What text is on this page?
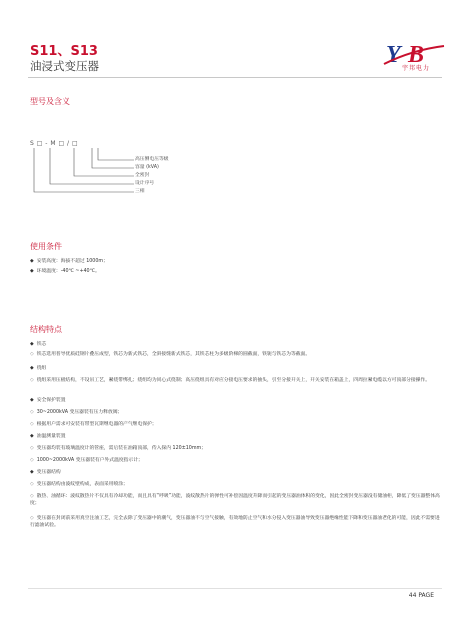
S11、S13
油浸式变压器	Y B
宇邦电力
型号及含义
S □ - M □ / □
高压侧电压等级
容量 (kVA)
全密封
设计序号
三相
使用条件
◆ 安装高度：海拔不超过 1000m；
◆ 环境温度：-40℃ ~+40℃。
结构特点
◆ 铁芯
◇ 铁芯选用普导优质硅钢片叠压成型，铁芯为新式铁芯，全斜接缝新式铁芯，其铁芯柱为多级阶梯的圆截面，铁轭与铁芯为等截面。
◆ 绕组
◇ 绕组采用压板结构，不设吊工艺，紧绕带绑扎；绕组均为同心式绕制；高压绕组具有对应分接电压要求的抽头，引至分接开关上，开关安装在箱盖上，四周拉紧电缆以方可顶部分接操作。
◆ 安全保护装置
◇ 30~2000kVA 变压器装有压力释放阀；
◇ 根据用户需求可安装有带型瓦斯继电器的产气继电保护；
◆ 油温测量装置
◇ 变压器均装有玻璃温度计的管座，需后装在油箱顶部，侍入探内 120±10mm；
◇ 1000~2000kVA 变压器装有户外式温度指示计；
◆ 变压器结构
◇ 变压器结构由波纹壁构成，表面采用喷涂；
◇ 散热、油循环：波纹散热片不仅具有冷却功能，而且具有“呼吸”功能，波纹散热片的弹性可补偿因温度升降而引起的变压器油体积的变化，因此全密封变压器没有储油柜，降低了变压器整体高度；
◇ 变压器在封闭前采用真空注油工艺，完全去除了变压器中的潮气，变压器油不与空气接触，有效地防止空气和水分侵入变压器油导致变压器绝缘性能下降和变压器油老化的可能，因此不需要进行滤油试验。
44 PAGE
